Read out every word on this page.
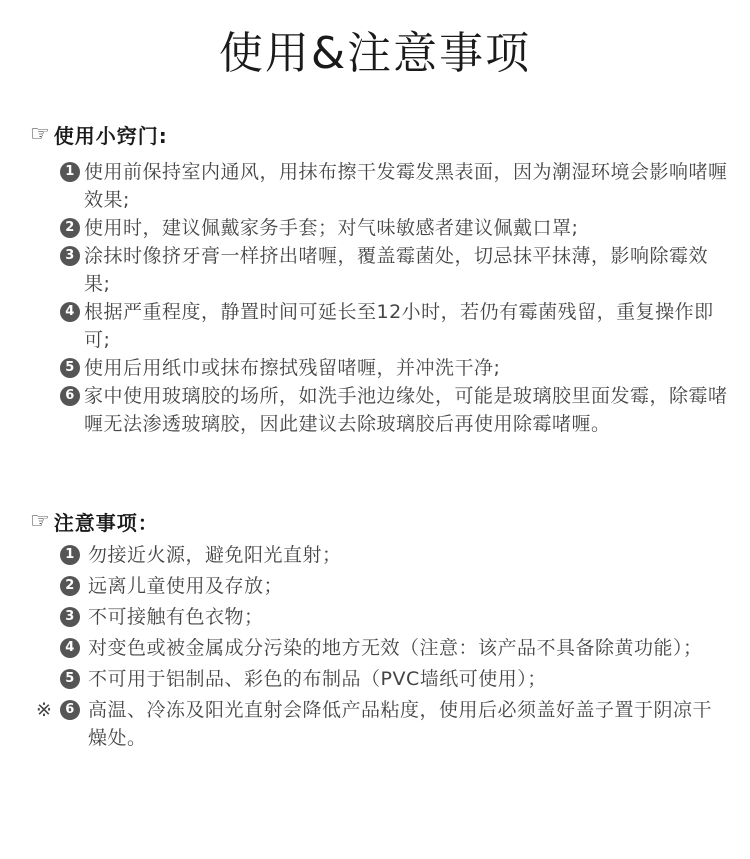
使用&注意事项
☞ 使用小窍门:
1 使用前保持室内通风，用抹布擦干发霉发黑表面，因为潮湿环境会影响啫喱效果;
2 使用时，建议佩戴家务手套；对气味敏感者建议佩戴口罩;
3 涂抹时像挤牙膏一样挤出啫喱，覆盖霉菌处，切忌抹平抹薄，影响除霉效果;
4 根据严重程度，静置时间可延长至12小时，若仍有霉菌残留，重复操作即可;
5 使用后用纸巾或抹布擦拭残留啫喱，并冲洗干净;
6 家中使用玻璃胶的场所，如洗手池边缘处，可能是玻璃胶里面发霉，除霉啫喱无法渗透玻璃胶，因此建议去除玻璃胶后再使用除霉啫喱。
☞ 注意事项：
1 勿接近火源，避免阳光直射；
2 远离儿童使用及存放；
3 不可接触有色衣物；
4 对变色或被金属成分污染的地方无效（注意：该产品不具备除黄功能）；
5 不可用于铝制品、彩色的布制品（PVC墙纸可使用）；
※ 6 高温、冷冻及阳光直射会降低产品粘度，使用后必须盖好盖子置于阴凉干燥处。
